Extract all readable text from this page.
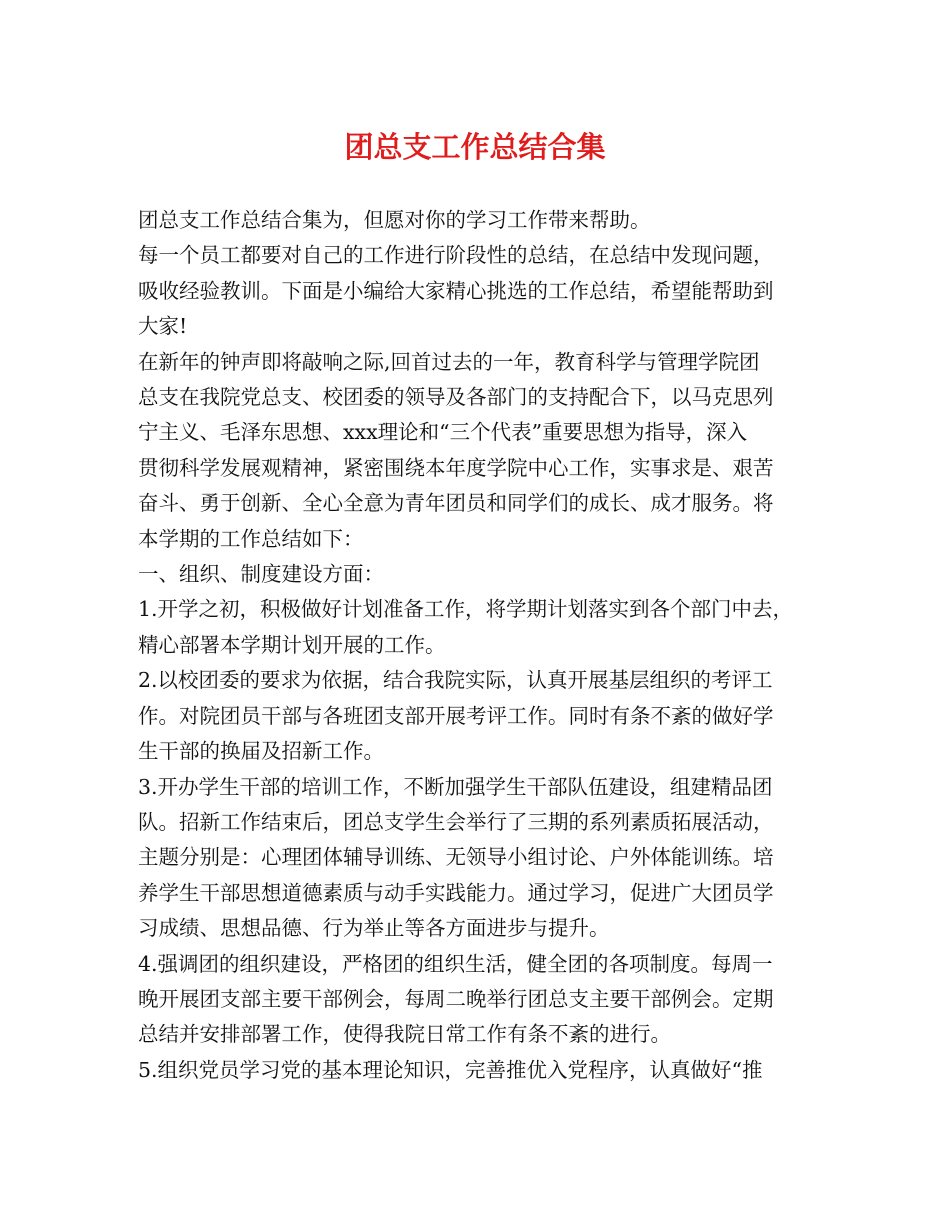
团总支工作总结合集
团总支工作总结合集为，但愿对你的学习工作带来帮助。
每一个员工都要对自己的工作进行阶段性的总结，在总结中发现问题，
吸收经验教训。下面是小编给大家精心挑选的工作总结，希望能帮助到
大家!
在新年的钟声即将敲响之际,回首过去的一年，教育科学与管理学院团
总支在我院党总支、校团委的领导及各部门的支持配合下，以马克思列
宁主义、毛泽东思想、xxx理论和“三个代表”重要思想为指导，深入
贯彻科学发展观精神，紧密围绕本年度学院中心工作，实事求是、艰苦
奋斗、勇于创新、全心全意为青年团员和同学们的成长、成才服务。将
本学期的工作总结如下：
一、组织、制度建设方面：
1.开学之初，积极做好计划准备工作，将学期计划落实到各个部门中去，
精心部署本学期计划开展的工作。
2.以校团委的要求为依据，结合我院实际，认真开展基层组织的考评工
作。对院团员干部与各班团支部开展考评工作。同时有条不紊的做好学
生干部的换届及招新工作。
3.开办学生干部的培训工作，不断加强学生干部队伍建设，组建精品团
队。招新工作结束后，团总支学生会举行了三期的系列素质拓展活动，
主题分别是：心理团体辅导训练、无领导小组讨论、户外体能训练。培
养学生干部思想道德素质与动手实践能力。通过学习，促进广大团员学
习成绩、思想品德、行为举止等各方面进步与提升。
4.强调团的组织建设，严格团的组织生活，健全团的各项制度。每周一
晚开展团支部主要干部例会，每周二晚举行团总支主要干部例会。定期
总结并安排部署工作，使得我院日常工作有条不紊的进行。
5.组织党员学习党的基本理论知识，完善推优入党程序，认真做好“推
